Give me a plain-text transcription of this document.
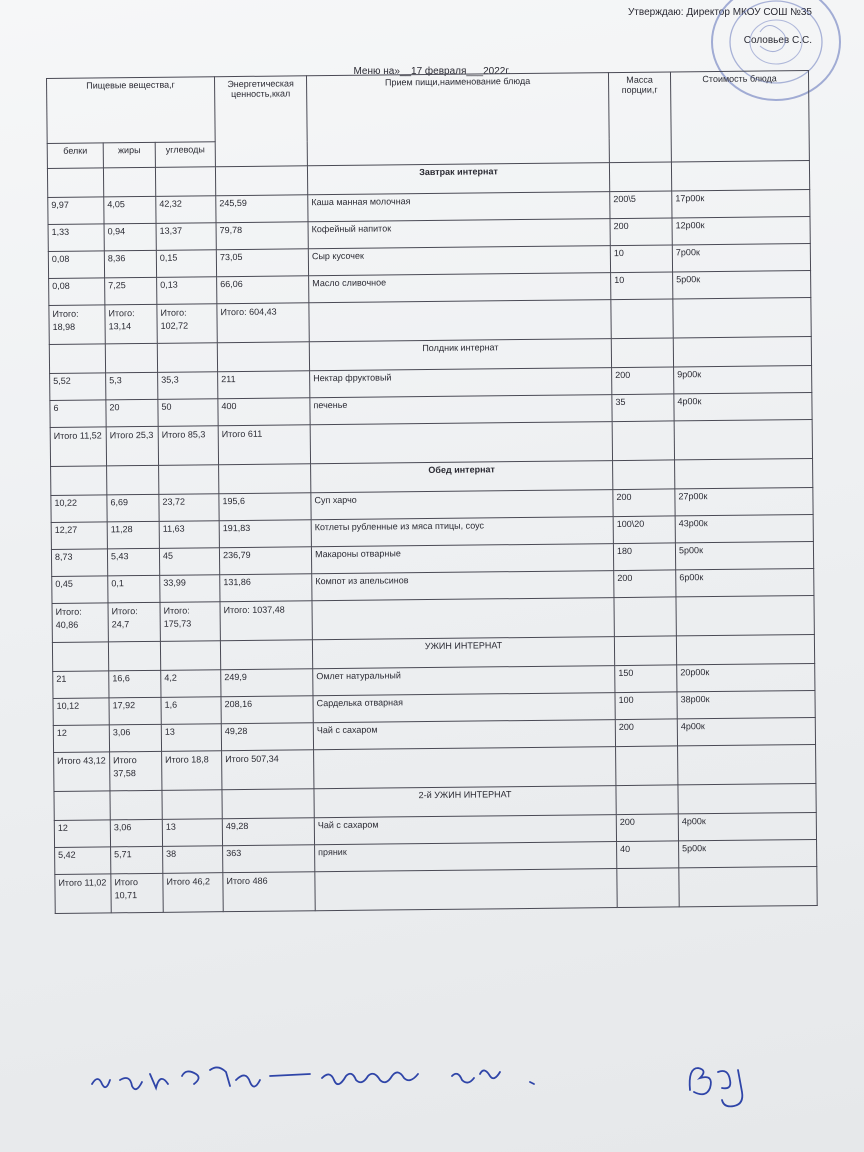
Утверждаю: Директор МКОУ СОШ №35
Соловьев С.С.
Меню на»__17 февраля___2022г.
Пищевые вещества,г			Энергетическая ценность,ккал	Прием пищи,наименование блюда	Масса порции,г	Стоимость блюда
белки	жиры	углеводы				
				Завтрак интернат		
9,97	4,05	42,32	245,59	Каша манная молочная	200\5	17р00к
1,33	0,94	13,37	79,78	Кофейный напиток	200	12р00к
0,08	8,36	0,15	73,05	Сыр кусочек	10	7р00к
0,08	7,25	0,13	66,06	Масло сливочное	10	5р00к
Итого: 18,98	Итого: 13,14	Итого: 102,72	Итого: 604,43			
				Полдник интернат		
5,52	5,3	35,3	211	Нектар фруктовый	200	9р00к
6	20	50	400	печенье	35	4р00к
Итого 11,52	Итого 25,3	Итого 85,3	Итого 611			
				Обед интернат		
10,22	6,69	23,72	195,6	Суп харчо	200	27р00к
12,27	11,28	11,63	191,83	Котлеты рубленные из мяса птицы, соус	100\20	43р00к
8,73	5,43	45	236,79	Макароны отварные	180	5р00к
0,45	0,1	33,99	131,86	Компот из апельсинов	200	6р00к
Итого: 40,86	Итого: 24,7	Итого: 175,73	Итого: 1037,48			
				УЖИН ИНТЕРНАТ		
21	16,6	4,2	249,9	Омлет натуральный	150	20р00к
10,12	17,92	1,6	208,16	Сарделька отварная	100	38р00к
12	3,06	13	49,28	Чай с сахаром	200	4р00к
Итого 43,12	Итого 37,58	Итого 18,8	Итого 507,34			
				2-й УЖИН ИНТЕРНАТ		
12	3,06	13	49,28	Чай с сахаром	200	4р00к
5,42	5,71	38	363	пряник	40	5р00к
Итого 11,02	Итого 10,71	Итого 46,2	Итого 486			
